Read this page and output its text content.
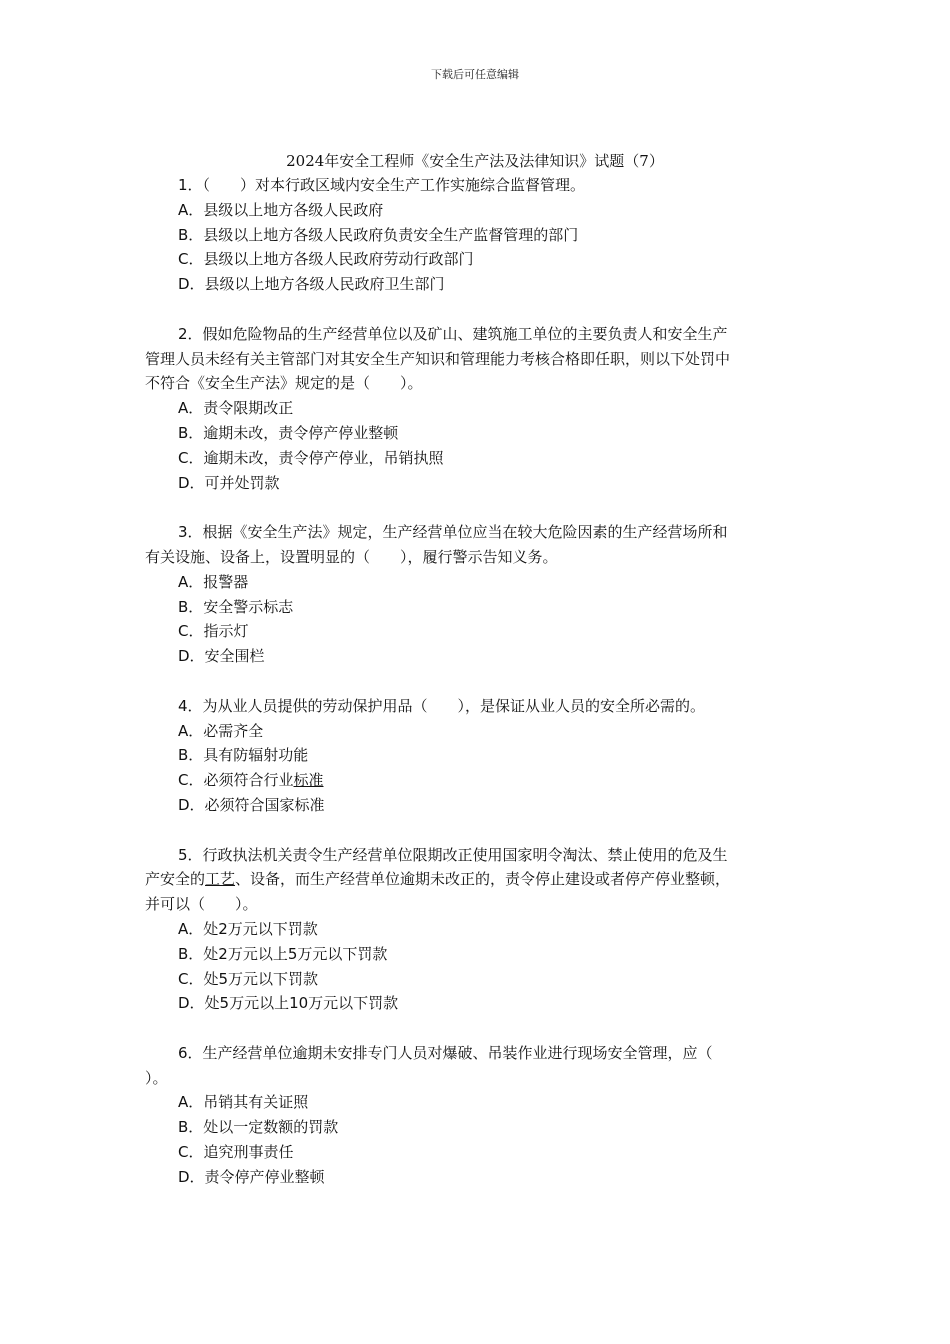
下载后可任意编辑
2024年安全工程师《安全生产法及法律知识》试题（7）
1．（　　）对本行政区域内安全生产工作实施综合监督管理。
A．县级以上地方各级人民政府
B．县级以上地方各级人民政府负责安全生产监督管理的部门
C．县级以上地方各级人民政府劳动行政部门
D．县级以上地方各级人民政府卫生部门
2．假如危险物品的生产经营单位以及矿山、建筑施工单位的主要负责人和安全生产
管理人员未经有关主管部门对其安全生产知识和管理能力考核合格即任职，则以下处罚中
不符合《安全生产法》规定的是（　　）。
A．责令限期改正
B．逾期未改，责令停产停业整顿
C．逾期未改，责令停产停业，吊销执照
D．可并处罚款
3．根据《安全生产法》规定，生产经营单位应当在较大危险因素的生产经营场所和
有关设施、设备上，设置明显的（　　），履行警示告知义务。
A．报警器
B．安全警示标志
C．指示灯
D．安全围栏
4．为从业人员提供的劳动保护用品（　　），是保证从业人员的安全所必需的。
A．必需齐全
B．具有防辐射功能
C．必须符合行业标准
D．必须符合国家标准
5．行政执法机关责令生产经营单位限期改正使用国家明令淘汰、禁止使用的危及生
产安全的工艺、设备，而生产经营单位逾期未改正的，责令停止建设或者停产停业整顿，
并可以（　　）。
A．处2万元以下罚款
B．处2万元以上5万元以下罚款
C．处5万元以下罚款
D．处5万元以上10万元以下罚款
6．生产经营单位逾期未安排专门人员对爆破、吊装作业进行现场安全管理，应（
）。
A．吊销其有关证照
B．处以一定数额的罚款
C．追究刑事责任
D．责令停产停业整顿
